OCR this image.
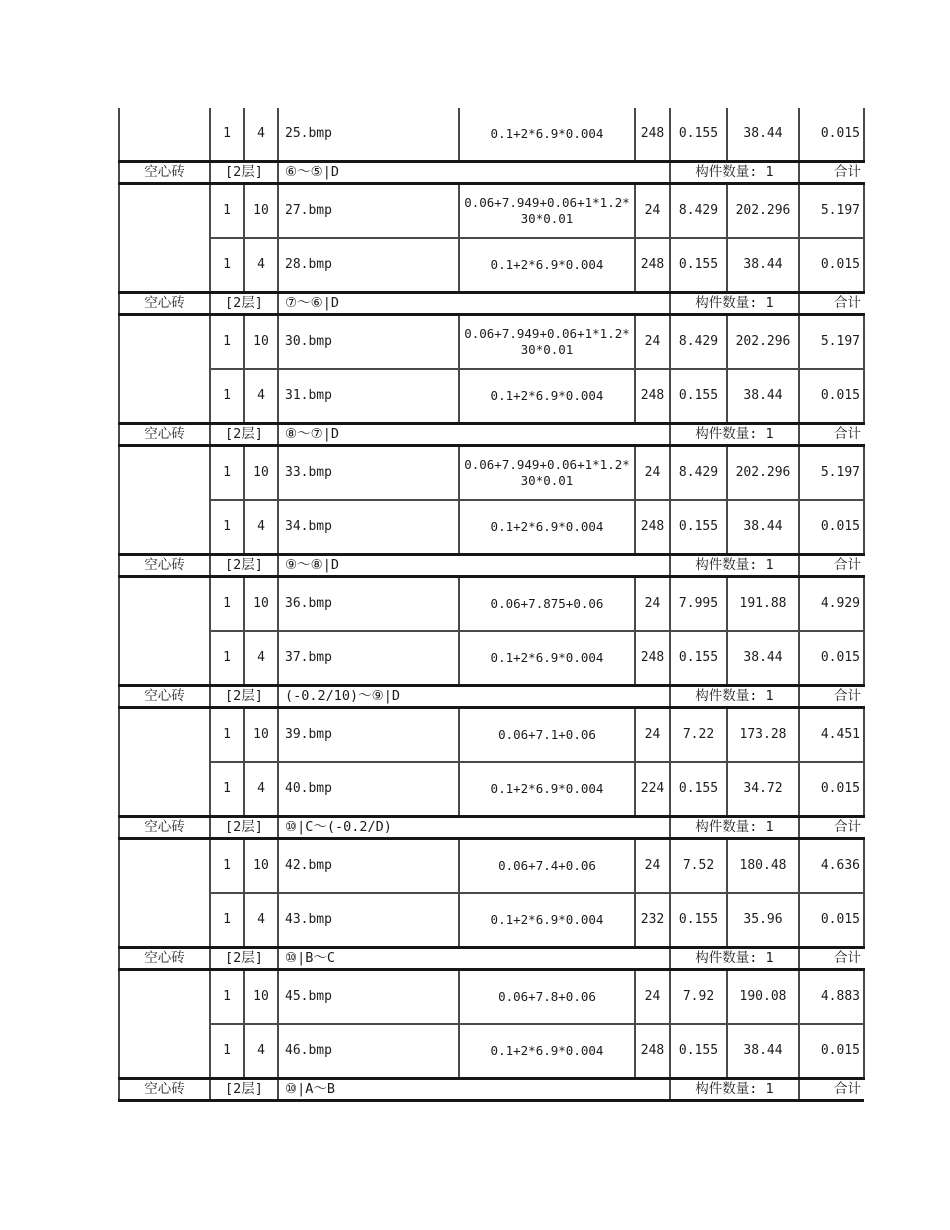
	1	4	25.bmp	0.1+2*6.9*0.004	248	0.155	38.44	0.015
空心砖	[2层]		⑥～⑤|D			构件数量: 1		合计
	1	10	27.bmp	0.06+7.949+0.06+1*1.2*30*0.01	24	8.429	202.296	5.197
	1	4	28.bmp	0.1+2*6.9*0.004	248	0.155	38.44	0.015
空心砖	[2层]		⑦～⑥|D			构件数量: 1		合计
	1	10	30.bmp	0.06+7.949+0.06+1*1.2*30*0.01	24	8.429	202.296	5.197
	1	4	31.bmp	0.1+2*6.9*0.004	248	0.155	38.44	0.015
空心砖	[2层]		⑧～⑦|D			构件数量: 1		合计
	1	10	33.bmp	0.06+7.949+0.06+1*1.2*30*0.01	24	8.429	202.296	5.197
	1	4	34.bmp	0.1+2*6.9*0.004	248	0.155	38.44	0.015
空心砖	[2层]		⑨～⑧|D			构件数量: 1		合计
	1	10	36.bmp	0.06+7.875+0.06	24	7.995	191.88	4.929
	1	4	37.bmp	0.1+2*6.9*0.004	248	0.155	38.44	0.015
空心砖	[2层]		(-0.2/10)～⑨|D			构件数量: 1		合计
	1	10	39.bmp	0.06+7.1+0.06	24	7.22	173.28	4.451
	1	4	40.bmp	0.1+2*6.9*0.004	224	0.155	34.72	0.015
空心砖	[2层]		⑩|C～(-0.2/D)			构件数量: 1		合计
	1	10	42.bmp	0.06+7.4+0.06	24	7.52	180.48	4.636
	1	4	43.bmp	0.1+2*6.9*0.004	232	0.155	35.96	0.015
空心砖	[2层]		⑩|B～C			构件数量: 1		合计
	1	10	45.bmp	0.06+7.8+0.06	24	7.92	190.08	4.883
	1	4	46.bmp	0.1+2*6.9*0.004	248	0.155	38.44	0.015
空心砖	[2层]		⑩|A～B			构件数量: 1		合计
